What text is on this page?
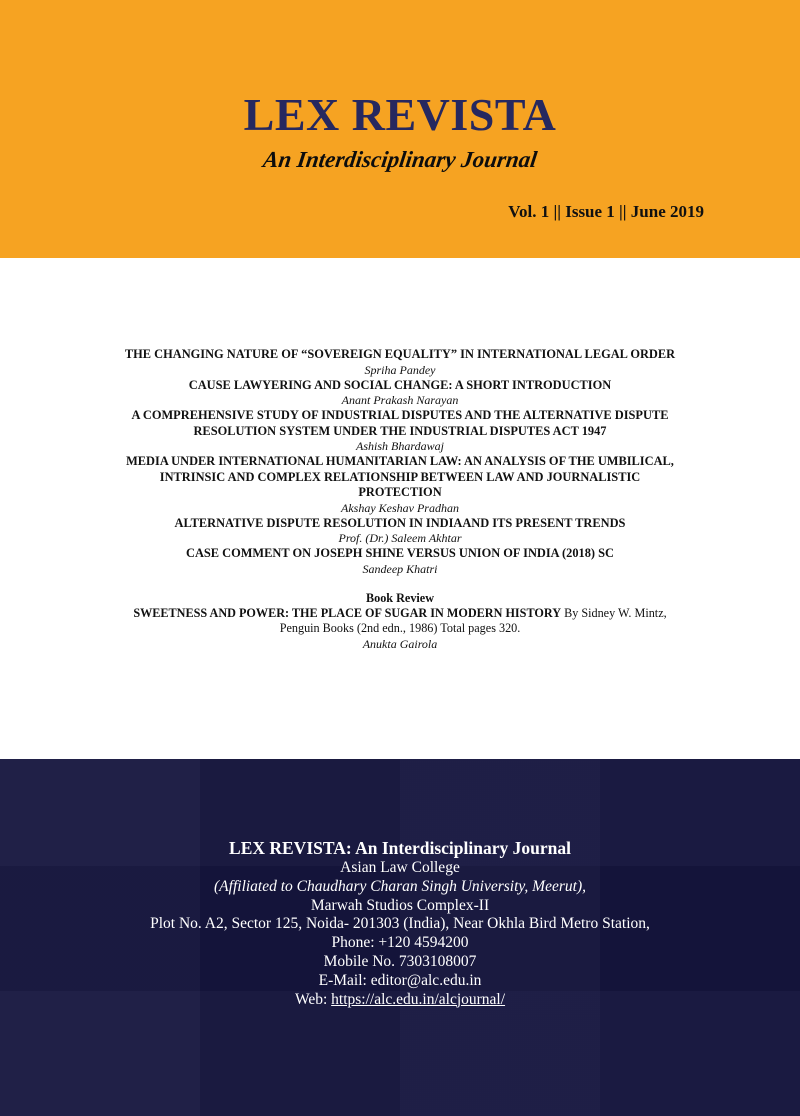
LEX REVISTA
An Interdisciplinary Journal
Vol. 1 || Issue 1 || June 2019
THE CHANGING NATURE OF “SOVEREIGN EQUALITY” IN INTERNATIONAL LEGAL ORDER
Spriha Pandey
CAUSE LAWYERING AND SOCIAL CHANGE: A SHORT INTRODUCTION
Anant Prakash Narayan
A COMPREHENSIVE STUDY OF INDUSTRIAL DISPUTES AND THE ALTERNATIVE DISPUTE
RESOLUTION SYSTEM UNDER THE INDUSTRIAL DISPUTES ACT 1947
Ashish Bhardawaj
MEDIA UNDER INTERNATIONAL HUMANITARIAN LAW: AN ANALYSIS OF THE UMBILICAL,
INTRINSIC AND COMPLEX RELATIONSHIP BETWEEN LAW AND JOURNALISTIC
PROTECTION
Akshay Keshav Pradhan
ALTERNATIVE DISPUTE RESOLUTION IN INDIAAND ITS PRESENT TRENDS
Prof. (Dr.) Saleem Akhtar
CASE COMMENT ON JOSEPH SHINE VERSUS UNION OF INDIA (2018) SC
Sandeep Khatri
Book Review
SWEETNESS AND POWER: THE PLACE OF SUGAR IN MODERN HISTORY By Sidney W. Mintz,
Penguin Books (2nd edn., 1986) Total pages 320.
Anukta Gairola
LEX REVISTA: An Interdisciplinary Journal
Asian Law College
(Affiliated to Chaudhary Charan Singh University, Meerut),
Marwah Studios Complex-II
Plot No. A2, Sector 125, Noida- 201303 (India), Near Okhla Bird Metro Station,
Phone: +120 4594200
Mobile No. 7303108007
E-Mail: editor@alc.edu.in
Web: https://alc.edu.in/alcjournal/
